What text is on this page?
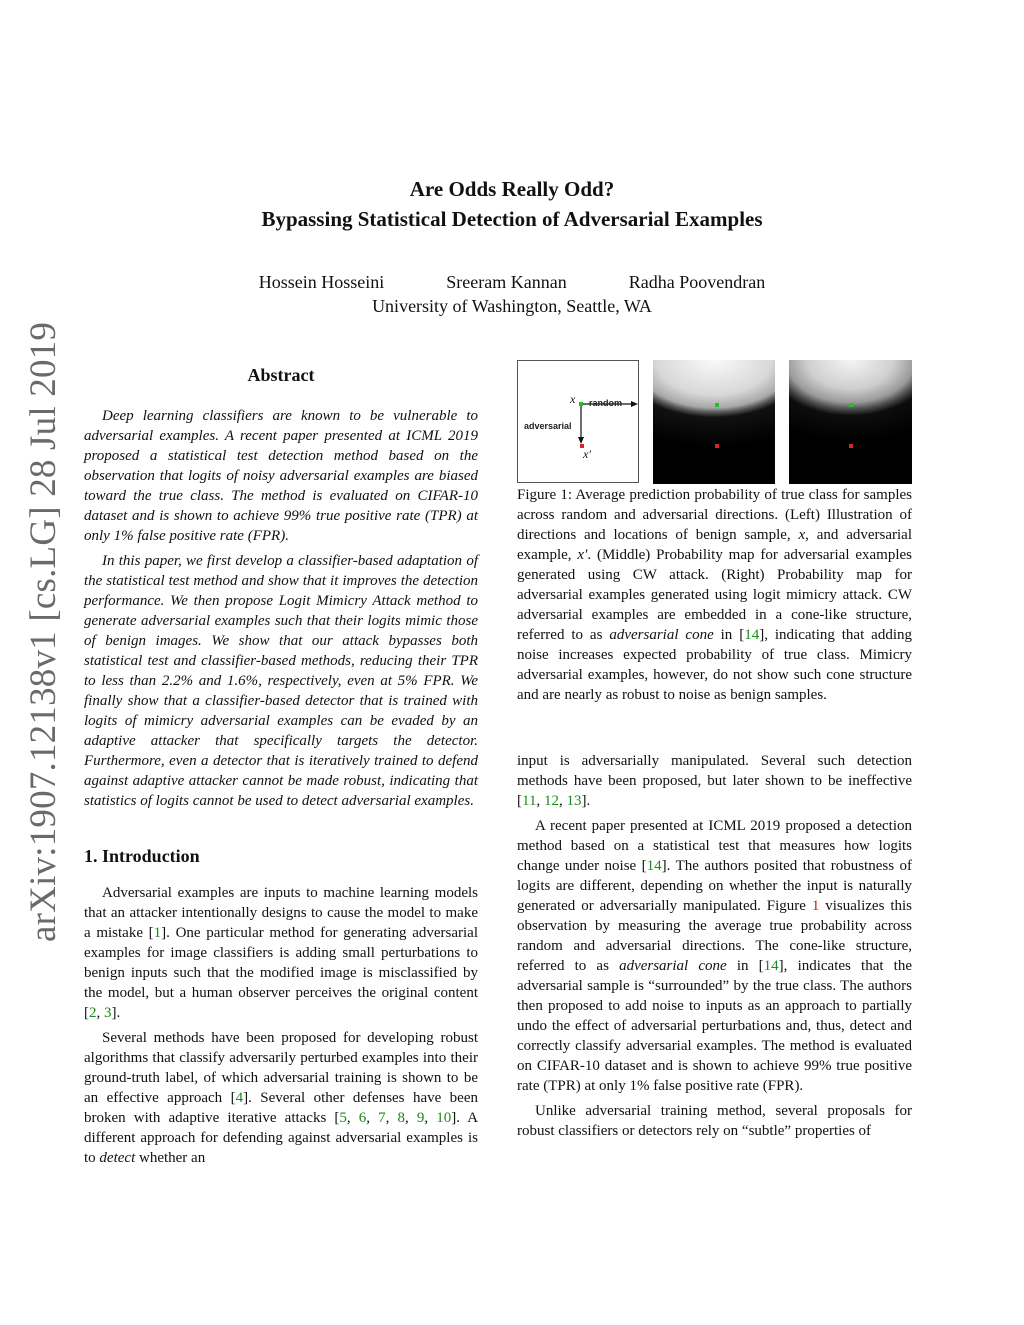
arXiv:1907.12138v1 [cs.LG] 28 Jul 2019
Are Odds Really Odd?
Bypassing Statistical Detection of Adversarial Examples
Hossein Hosseini	Sreeram Kannan	Radha Poovendran
University of Washington, Seattle, WA
Abstract

Deep learning classifiers are known to be vulnerable to adversarial examples. A recent paper presented at ICML 2019 proposed a statistical test detection method based on the observation that logits of noisy adversarial examples are biased toward the true class. The method is evaluated on CIFAR-10 dataset and is shown to achieve 99% true positive rate (TPR) at only 1% false positive rate (FPR).

In this paper, we first develop a classifier-based adaptation of the statistical test method and show that it improves the detection performance. We then propose Logit Mimicry Attack method to generate adversarial examples such that their logits mimic those of benign images. We show that our attack bypasses both statistical test and classifier-based methods, reducing their TPR to less than 2.2% and 1.6%, respectively, even at 5% FPR. We finally show that a classifier-based detector that is trained with logits of mimicry adversarial examples can be evaded by an adaptive attacker that specifically targets the detector. Furthermore, even a detector that is iteratively trained to defend against adaptive attacker cannot be made robust, indicating that statistics of logits cannot be used to detect adversarial examples.

1. Introduction

Adversarial examples are inputs to machine learning models that an attacker intentionally designs to cause the model to make a mistake [1]. One particular method for generating adversarial examples for image classifiers is adding small perturbations to benign inputs such that the modified image is misclassified by the model, but a human observer perceives the original content [2, 3].

Several methods have been proposed for developing robust algorithms that classify adversarily perturbed examples into their ground-truth label, of which adversarial training is shown to be an effective approach [4]. Several other defenses have been broken with adaptive iterative attacks [5, 6, 7, 8, 9, 10]. A different approach for defending against adversarial examples is to detect whether an

x random
adversarial
x′

Figure 1: Average prediction probability of true class for samples across random and adversarial directions. (Left) Illustration of directions and locations of benign sample, x, and adversarial example, x′. (Middle) Probability map for adversarial examples generated using CW attack. (Right) Probability map for adversarial examples generated using logit mimicry attack. CW adversarial examples are embedded in a cone-like structure, referred to as adversarial cone in [14], indicating that adding noise increases expected probability of true class. Mimicry adversarial examples, however, do not show such cone structure and are nearly as robust to noise as benign samples.

input is adversarially manipulated. Several such detection methods have been proposed, but later shown to be ineffective [11, 12, 13].

A recent paper presented at ICML 2019 proposed a detection method based on a statistical test that measures how logits change under noise [14]. The authors posited that robustness of logits are different, depending on whether the input is naturally generated or adversarially manipulated. Figure 1 visualizes this observation by measuring the average true probability across random and adversarial directions. The cone-like structure, referred to as adversarial cone in [14], indicates that the adversarial sample is “surrounded” by the true class. The authors then proposed to add noise to inputs as an approach to partially undo the effect of adversarial perturbations and, thus, detect and correctly classify adversarial examples. The method is evaluated on CIFAR-10 dataset and is shown to achieve 99% true positive rate (TPR) at only 1% false positive rate (FPR).

Unlike adversarial training method, several proposals for robust classifiers or detectors rely on “subtle” properties of
